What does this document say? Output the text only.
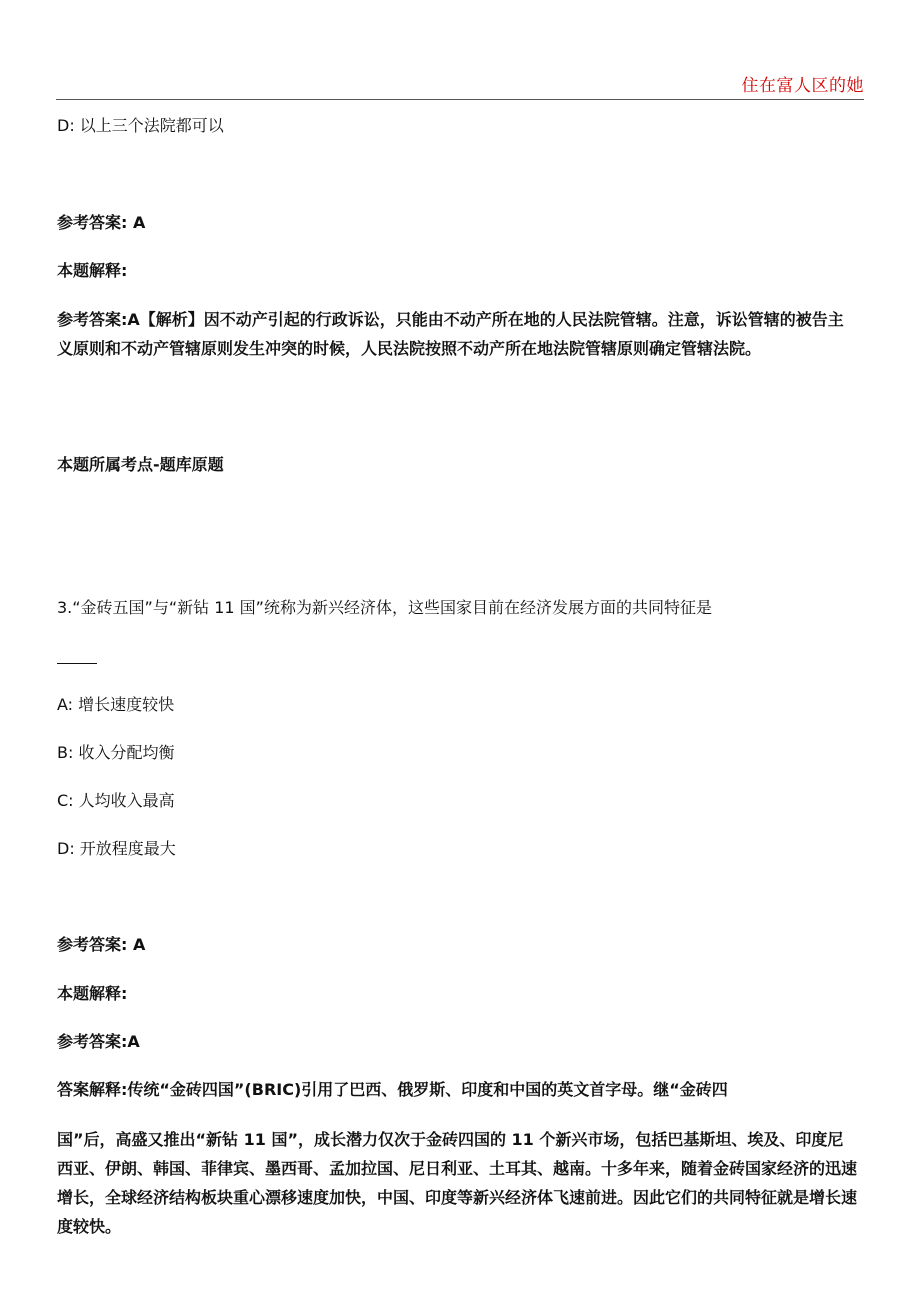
住在富人区的她
D: 以上三个法院都可以
参考答案: A
本题解释:
参考答案:A【解析】因不动产引起的行政诉讼，只能由不动产所在地的人民法院管辖。注意，诉讼管辖的被告主义原则和不动产管辖原则发生冲突的时候，人民法院按照不动产所在地法院管辖原则确定管辖法院。
本题所属考点-题库原题
3.“金砖五国”与“新钻 11 国”统称为新兴经济体，这些国家目前在经济发展方面的共同特征是
A: 增长速度较快
B: 收入分配均衡
C: 人均收入最高
D: 开放程度最大
参考答案: A
本题解释:
参考答案:A
答案解释:传统“金砖四国”(BRIC)引用了巴西、俄罗斯、印度和中国的英文首字母。继“金砖四
国”后，高盛又推出“新钻 11 国”，成长潜力仅次于金砖四国的 11 个新兴市场，包括巴基斯坦、埃及、印度尼西亚、伊朗、韩国、菲律宾、墨西哥、孟加拉国、尼日利亚、土耳其、越南。十多年来，随着金砖国家经济的迅速增长，全球经济结构板块重心漂移速度加快，中国、印度等新兴经济体飞速前进。因此它们的共同特征就是增长速度较快。
